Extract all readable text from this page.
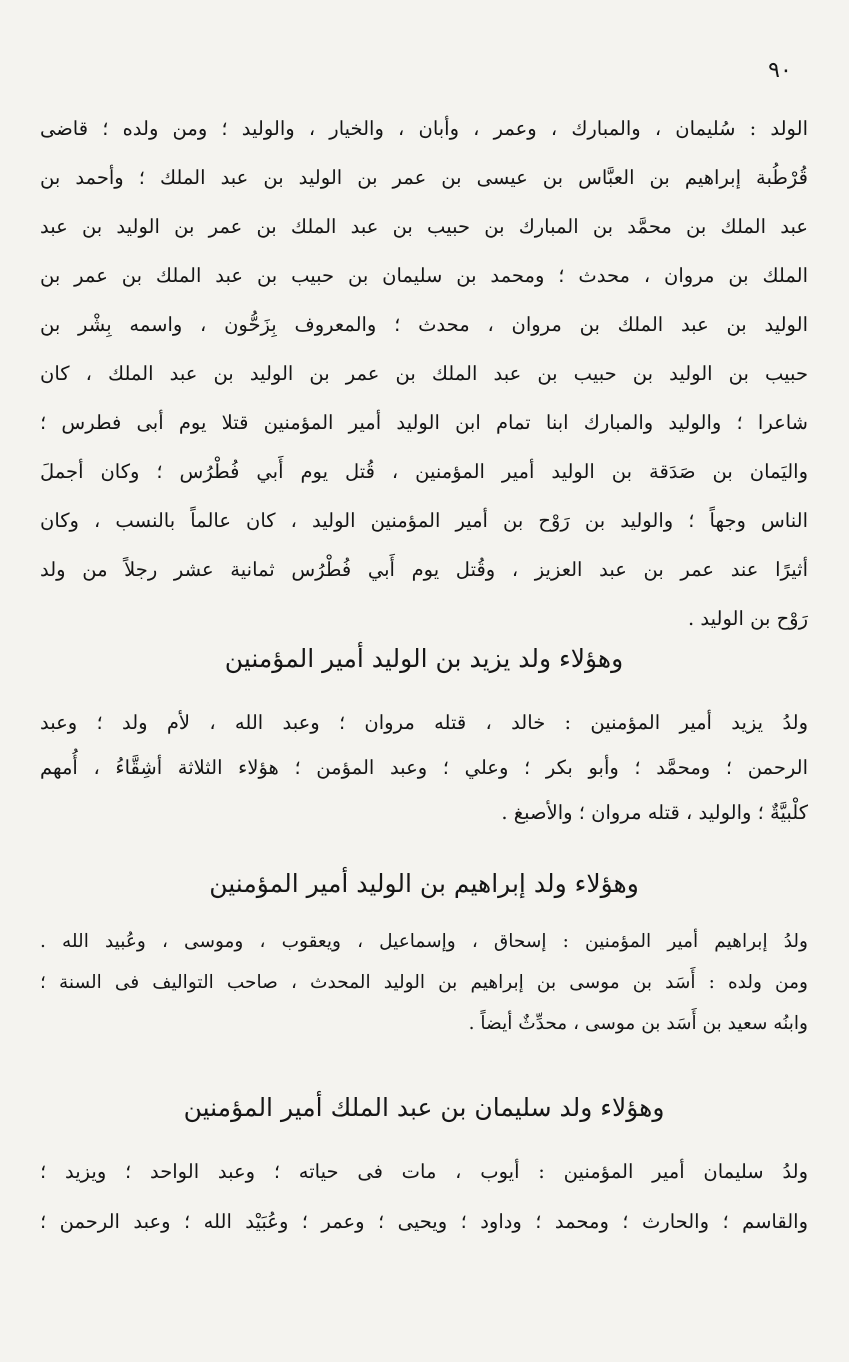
٩٠
الولد : سُليمان ، والمبارك ، وعمر ، وأبان ، والخيار ، والوليد ؛ ومن ولده ؛ قاضى
قُرْطُبة إبراهيم بن العبَّاس بن عيسى بن عمر بن الوليد بن عبد الملك ؛ وأحمد بن
عبد الملك بن محمَّد بن المبارك بن حبيب بن عبد الملك بن عمر بن الوليد بن عبد
الملك بن مروان ، محدث ؛ ومحمد بن سليمان بن حبيب بن عبد الملك بن عمر بن
الوليد بن عبد الملك بن مروان ، محدث ؛ والمعروف بِزَحُّون ، واسمه بِشْر بن
حبيب بن الوليد بن حبيب بن عبد الملك بن عمر بن الوليد بن عبد الملك ، كان
شاعرا ؛ والوليد والمبارك ابنا تمام ابن الوليد أمير المؤمنين قتلا يوم أبى فطرس ؛
واليَمان بن صَدَقة بن الوليد أمير المؤمنين ، قُتل يوم أَبي فُطْرُس ؛ وكان أجملَ
الناس وجهاً ؛ والوليد بن رَوْح بن أمير المؤمنين الوليد ، كان عالماً بالنسب ، وكان
أثيرًا عند عمر بن عبد العزيز ، وقُتل يوم أَبي فُطْرُس ثمانية عشر رجلاً من ولد
رَوْح بن الوليد .
وهؤلاء ولد يزيد بن الوليد أمير المؤمنين
ولدُ يزيد أمير المؤمنين : خالد ، قتله مروان ؛ وعبد الله ، لأم ولد ؛ وعبد
الرحمن ؛ ومحمَّد ؛ وأبو بكر ؛ وعلي ؛ وعبد المؤمن ؛ هؤلاء الثلاثة أشِقَّاءُ ، أُمهم
كلْبيَّةٌ ؛ والوليد ، قتله مروان ؛ والأصبغ .
وهؤلاء ولد إبراهيم بن الوليد أمير المؤمنين
ولدُ إبراهيم أمير المؤمنين : إسحاق ، وإسماعيل ، ويعقوب ، وموسى ، وعُبيد الله .
ومن ولده : أَسَد بن موسى بن إبراهيم بن الوليد المحدث ، صاحب التواليف فى السنة ؛
وابنُه سعيد بن أَسَد بن موسى ، محدِّثٌ أيضاً .
وهؤلاء ولد سليمان بن عبد الملك أمير المؤمنين
ولدُ سليمان أمير المؤمنين : أيوب ، مات فى حياته ؛ وعبد الواحد ؛ ويزيد ؛
والقاسم ؛ والحارث ؛ ومحمد ؛ وداود ؛ ويحيى ؛ وعمر ؛ وعُبَيْد الله ؛ وعبد الرحمن ؛
